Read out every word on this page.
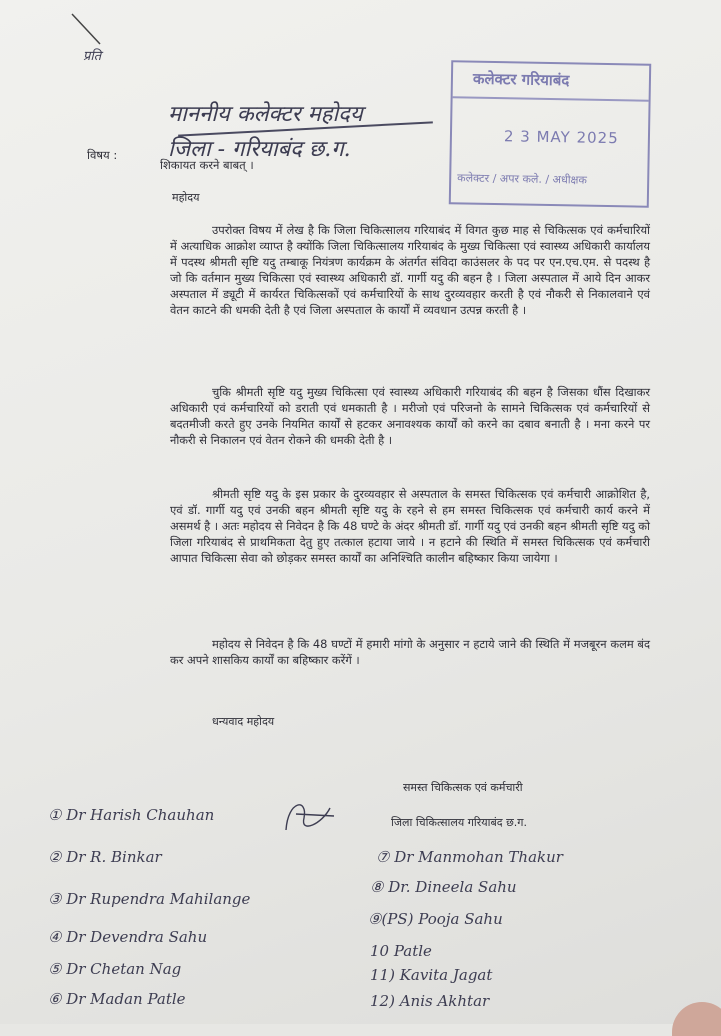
प्रति
माननीय कलेक्टर महोदय
जिला - गरियाबंद छ.ग.
कलेक्टर गरियाबंद
2 3 MAY 2025
कलेक्टर / अपर कले. / अधीक्षक
विषय :
शिकायत करने बाबत् ।
महोदय
उपरोक्त विषय में लेख है कि जिला चिकित्सालय गरियाबंद में विगत कुछ माह से चिकित्सक एवं कर्मचारियों में अत्याधिक आक्रोश व्याप्त है क्योंकि जिला चिकित्सालय गरियाबंद के मुख्य चिकित्सा एवं स्वास्थ्य अधिकारी कार्यालय में पदस्थ श्रीमती सृष्टि यदु तम्बाकू नियंत्रण कार्यक्रम के अंतर्गत संविदा काउंसलर के पद पर एन.एच.एम. से पदस्थ है जो कि वर्तमान मुख्य चिकित्सा एवं स्वास्थ्य अधिकारी डॉ. गार्गी यदु की बहन है । जिला अस्पताल में आये दिन आकर अस्पताल में ड्यूटी में कार्यरत चिकित्सकों एवं कर्मचारियों के साथ दुरव्यवहार करती है एवं नौकरी से निकालवाने एवं वेतन काटने की धमकी देती है एवं जिला अस्पताल के कार्यों में व्यवधान उत्पन्न करती है ।
चुकि श्रीमती सृष्टि यदु मुख्य चिकित्सा एवं स्वास्थ्य अधिकारी गरियाबंद की बहन है जिसका धौंस दिखाकर अधिकारी एवं कर्मचारियों को डराती एवं धमकाती है । मरीजो एवं परिजनो के सामने चिकित्सक एवं कर्मचारियों से बदतमीजी करते हुए उनके नियमित कार्यों से हटकर अनावश्यक कार्यों को करने का दबाव बनाती है । मना करने पर नौकरी से निकालन एवं वेतन रोकने की धमकी देती है ।
श्रीमती सृष्टि यदु के इस प्रकार के दुरव्यवहार से अस्पताल के समस्त चिकित्सक एवं कर्मचारी आक्रोशित है, एवं डॉ. गार्गी यदु एवं उनकी बहन श्रीमती सृष्टि यदु के रहने से हम समस्त चिकित्सक एवं कर्मचारी कार्य करने में असमर्थ है । अतः महोदय से निवेदन है कि 48 घण्टे के अंदर श्रीमती डॉ. गार्गी यदु एवं उनकी बहन श्रीमती सृष्टि यदु को जिला गरियाबंद से प्राथमिकता देतु हुए तत्काल हटाया जाये । न हटाने की स्थिति में समस्त चिकित्सक एवं कर्मचारी आपात चिकित्सा सेवा को छोड़कर समस्त कार्यों का अनिश्चिति कालीन बहिष्कार किया जायेगा ।
महोदय से निवेदन है कि 48 घण्टों में हमारी मांगो के अनुसार न हटाये जाने की स्थिति में मजबूरन कलम बंद कर अपने शासकिय कार्यों का बहिष्कार करेंगें ।
धन्यवाद महोदय
समस्त चिकित्सक एवं कर्मचारी
जिला चिकित्सालय गरियाबंद छ.ग.
① Dr Harish Chauhan
② Dr R. Binkar
③ Dr Rupendra Mahilange
④ Dr Devendra Sahu
⑤ Dr Chetan Nag
⑥ Dr Madan Patle
⑦ Dr Manmohan Thakur
⑧ Dr. Dineela Sahu
⑨(PS) Pooja Sahu
10 Patle
11) Kavita Jagat
12) Anis Akhtar
